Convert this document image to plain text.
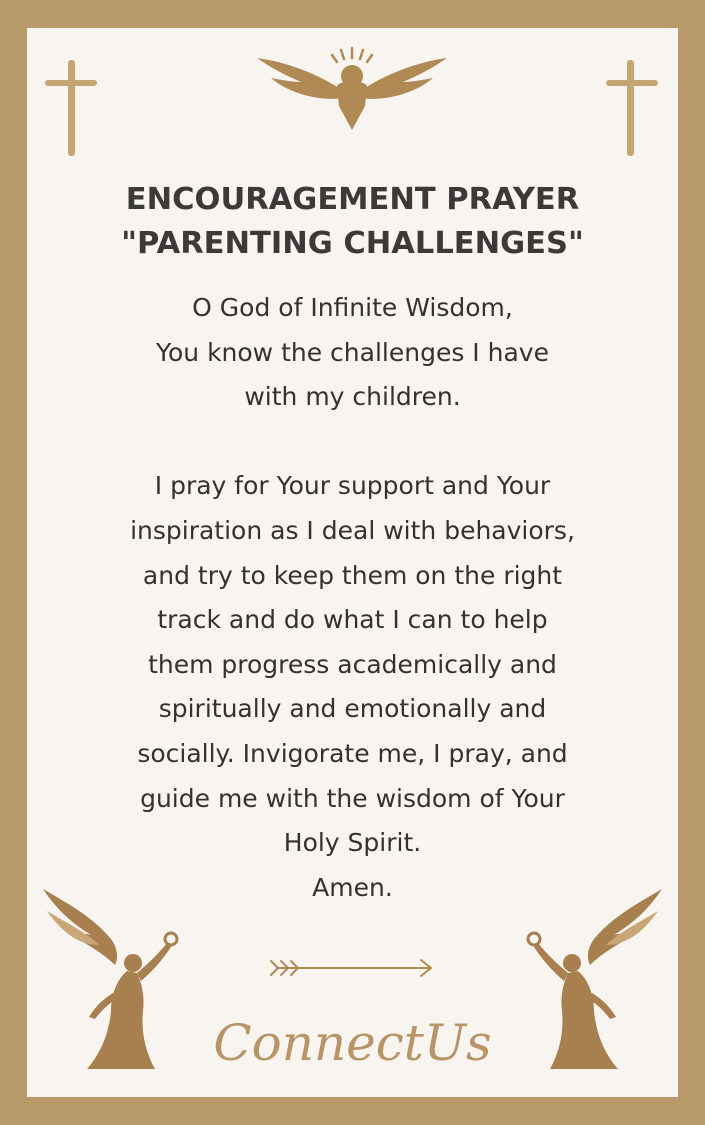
ENCOURAGEMENT PRAYER
"PARENTING CHALLENGES"
O God of Infinite Wisdom,
You know the challenges I have
with my children.
I pray for Your support and Your
inspiration as I deal with behaviors,
and try to keep them on the right
track and do what I can to help
them progress academically and
spiritually and emotionally and
socially. Invigorate me, I pray, and
guide me with the wisdom of Your
Holy Spirit.
Amen.
ConnectUs
